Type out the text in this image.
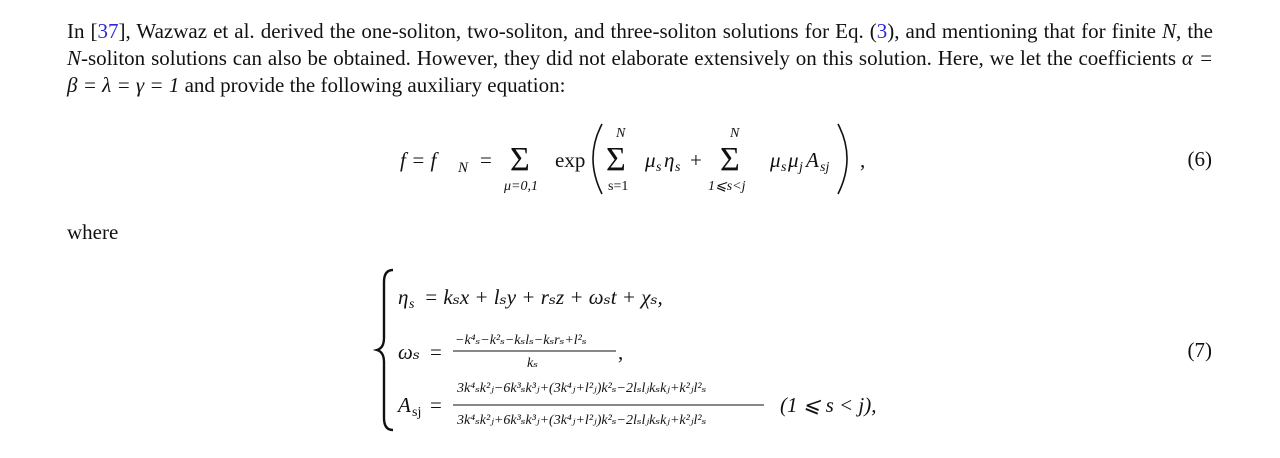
In [37], Wazwaz et al. derived the one-soliton, two-soliton, and three-soliton solutions for Eq. (3), and mentioning that for finite N, the N-soliton solutions can also be obtained. However, they did not elaborate extensively on this solution. Here, we let the coefficients α = β = λ = γ = 1 and provide the following auxiliary equation:
f = f N = Σ
μ=0,1
exp
N
Σ
s=1
μ s η s +
N
Σ
1⩽s<j
μ s μ j A sj ,	(6)
where
η s = kₛx + lₛy + rₛz + ωₛt + χₛ,
ωₛ = −k⁴ₛ−k²ₛ−kₛlₛ−kₛrₛ+l²ₛ
kₛ	,
A sj =
3k⁴ₛk²ⱼ−6k³ₛk³ⱼ+(3k⁴ⱼ+l²ⱼ)k²ₛ−2lₛlⱼkₛkⱼ+k²ⱼl²ₛ
3k⁴ₛk²ⱼ+6k³ₛk³ⱼ+(3k⁴ⱼ+l²ⱼ)k²ₛ−2lₛlⱼkₛkⱼ+k²ⱼl²ₛ
(1 ⩽ s < j),
(7)
